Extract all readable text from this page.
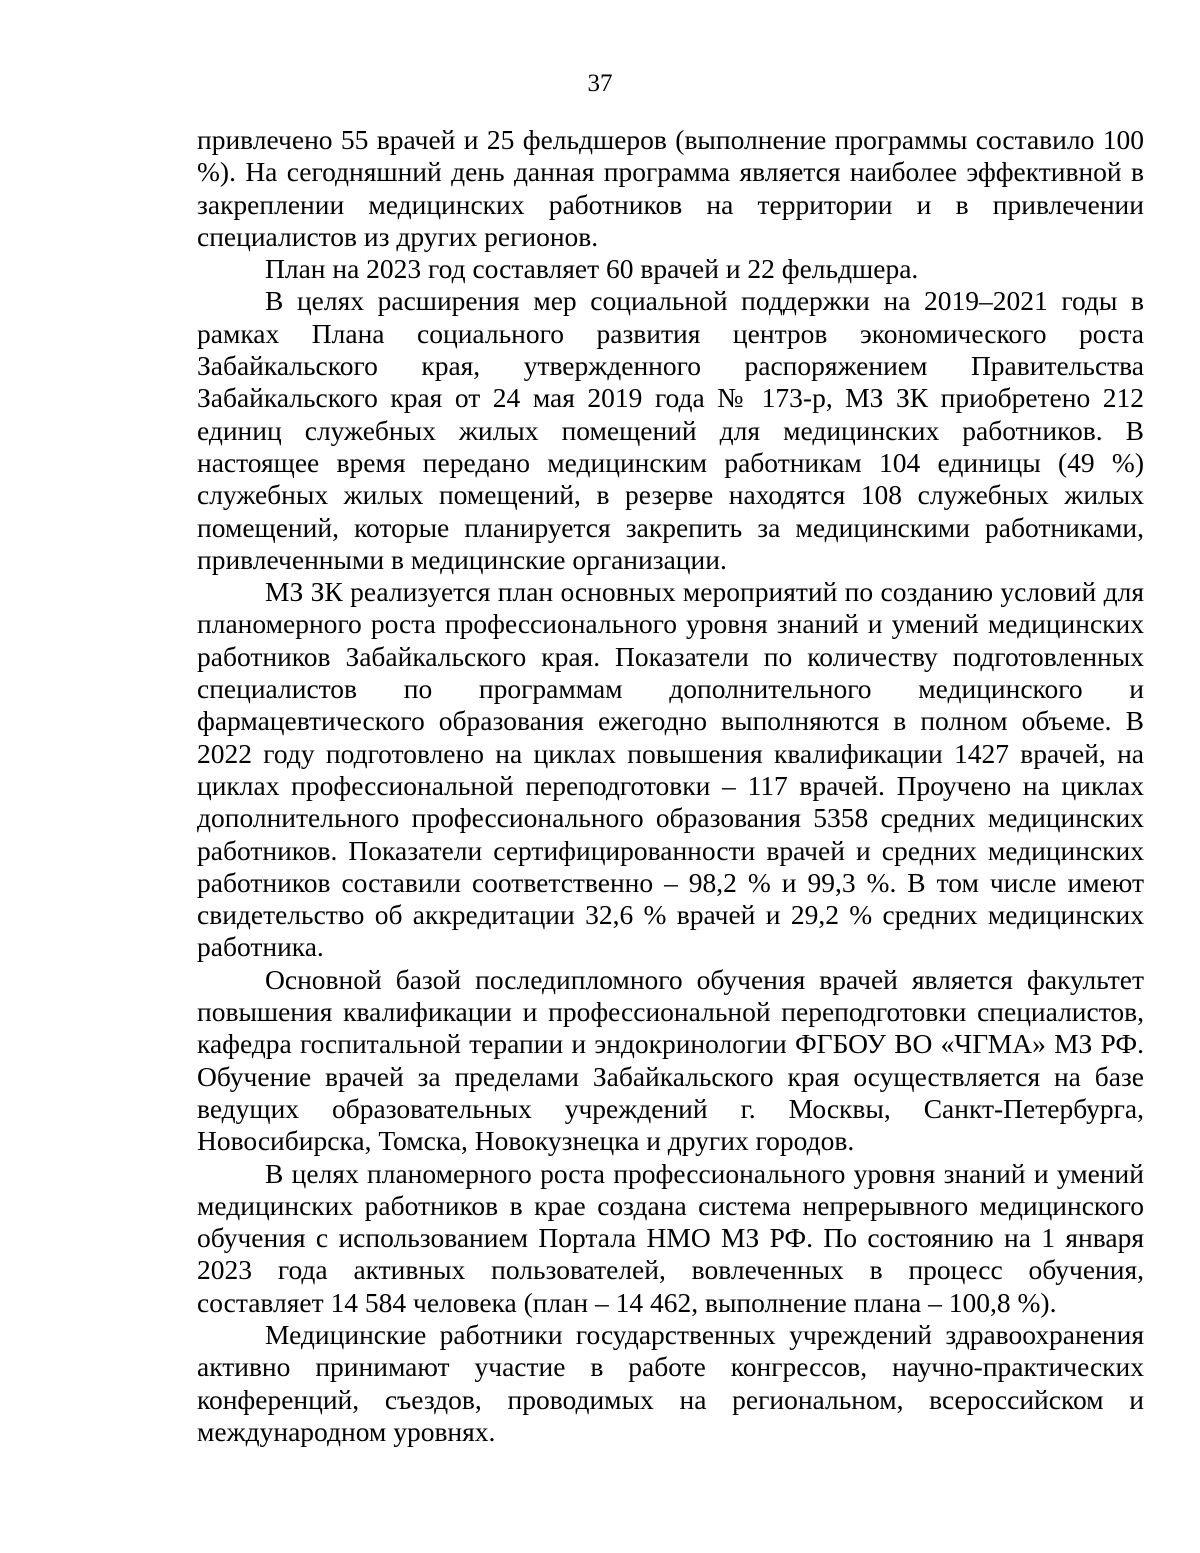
37

привлечено 55 врачей и 25 фельдшеров (выполнение программы составило 100 %). На сегодняшний день данная программа является наиболее эффективной в закреплении медицинских работников на территории и в привлечении специалистов из других регионов.

План на 2023 год составляет 60 врачей и 22 фельдшера.

В целях расширения мер социальной поддержки на 2019–2021 годы в рамках Плана социального развития центров экономического роста Забайкальского края, утвержденного распоряжением Правительства Забайкальского края от 24 мая 2019 года № 173-р, МЗ ЗК приобретено 212 единиц служебных жилых помещений для медицинских работников. В настоящее время передано медицинским работникам 104 единицы (49 %) служебных жилых помещений, в резерве находятся 108 служебных жилых помещений, которые планируется закрепить за медицинскими работниками, привлеченными в медицинские организации.

МЗ ЗК реализуется план основных мероприятий по созданию условий для планомерного роста профессионального уровня знаний и умений медицинских работников Забайкальского края. Показатели по количеству подготовленных специалистов по программам дополнительного медицинского и фармацевтического образования ежегодно выполняются в полном объеме. В 2022 году подготовлено на циклах повышения квалификации 1427 врачей, на циклах профессиональной переподготовки – 117 врачей. Проучено на циклах дополнительного профессионального образования 5358 средних медицинских работников. Показатели сертифицированности врачей и средних медицинских работников составили соответственно – 98,2 % и 99,3 %. В том числе имеют свидетельство об аккредитации 32,6 % врачей и 29,2 % средних медицинских работника.

Основной базой последипломного обучения врачей является факультет повышения квалификации и профессиональной переподготовки специалистов, кафедра госпитальной терапии и эндокринологии ФГБОУ ВО «ЧГМА» МЗ РФ. Обучение врачей за пределами Забайкальского края осуществляется на базе ведущих образовательных учреждений г. Москвы, Санкт-Петербурга, Новосибирска, Томска, Новокузнецка и других городов.

В целях планомерного роста профессионального уровня знаний и умений медицинских работников в крае создана система непрерывного медицинского обучения с использованием Портала НМО МЗ РФ. По состоянию на 1 января 2023 года активных пользователей, вовлеченных в процесс обучения, составляет 14 584 человека (план – 14 462, выполнение плана – 100,8 %).

Медицинские работники государственных учреждений здравоохранения активно принимают участие в работе конгрессов, научно-практических конференций, съездов, проводимых на региональном, всероссийском и международном уровнях.
